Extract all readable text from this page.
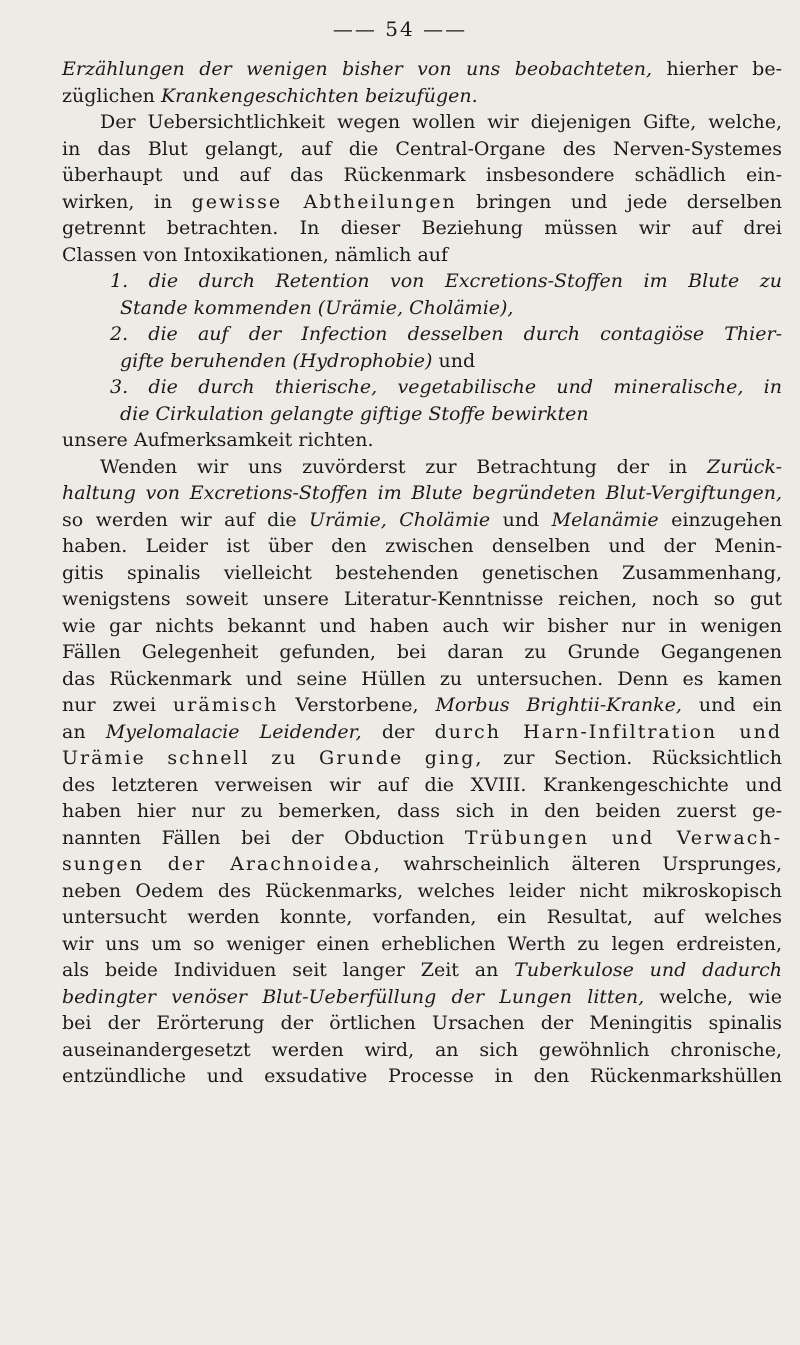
—— 54 ——
Erzählungen der wenigen bisher von uns beobachteten, hierher be-
züglichen Krankengeschichten beizufügen.
Der Uebersichtlichkeit wegen wollen wir diejenigen Gifte, welche,
in das Blut gelangt, auf die Central-Organe des Nerven-Systemes
überhaupt und auf das Rückenmark insbesondere schädlich ein-
wirken, in gewisse Abtheilungen bringen und jede derselben
getrennt betrachten. In dieser Beziehung müssen wir auf drei
Classen von Intoxikationen, nämlich auf
1. die durch Retention von Excretions-Stoffen im Blute zu
Stande kommenden (Urämie, Cholämie),
2. die auf der Infection desselben durch contagiöse Thier-
gifte beruhenden (Hydrophobie) und
3. die durch thierische, vegetabilische und mineralische, in
die Cirkulation gelangte giftige Stoffe bewirkten
unsere Aufmerksamkeit richten.
Wenden wir uns zuvörderst zur Betrachtung der in Zurück-
haltung von Excretions-Stoffen im Blute begründeten Blut-Vergiftungen,
so werden wir auf die Urämie, Cholämie und Melanämie einzugehen
haben. Leider ist über den zwischen denselben und der Menin-
gitis spinalis vielleicht bestehenden genetischen Zusammenhang,
wenigstens soweit unsere Literatur-Kenntnisse reichen, noch so gut
wie gar nichts bekannt und haben auch wir bisher nur in wenigen
Fällen Gelegenheit gefunden, bei daran zu Grunde Gegangenen
das Rückenmark und seine Hüllen zu untersuchen. Denn es kamen
nur zwei urämisch Verstorbene, Morbus Brightii-Kranke, und ein
an Myelomalacie Leidender, der durch Harn-Infiltration und
Urämie schnell zu Grunde ging, zur Section. Rücksichtlich
des letzteren verweisen wir auf die XVIII. Krankengeschichte und
haben hier nur zu bemerken, dass sich in den beiden zuerst ge-
nannten Fällen bei der Obduction Trübungen und Verwach-
sungen der Arachnoidea, wahrscheinlich älteren Ursprunges,
neben Oedem des Rückenmarks, welches leider nicht mikroskopisch
untersucht werden konnte, vorfanden, ein Resultat, auf welches
wir uns um so weniger einen erheblichen Werth zu legen erdreisten,
als beide Individuen seit langer Zeit an Tuberkulose und dadurch
bedingter venöser Blut-Ueberfüllung der Lungen litten, welche, wie
bei der Erörterung der örtlichen Ursachen der Meningitis spinalis
auseinandergesetzt werden wird, an sich gewöhnlich chronische,
entzündliche und exsudative Processe in den Rückenmarkshüllen
